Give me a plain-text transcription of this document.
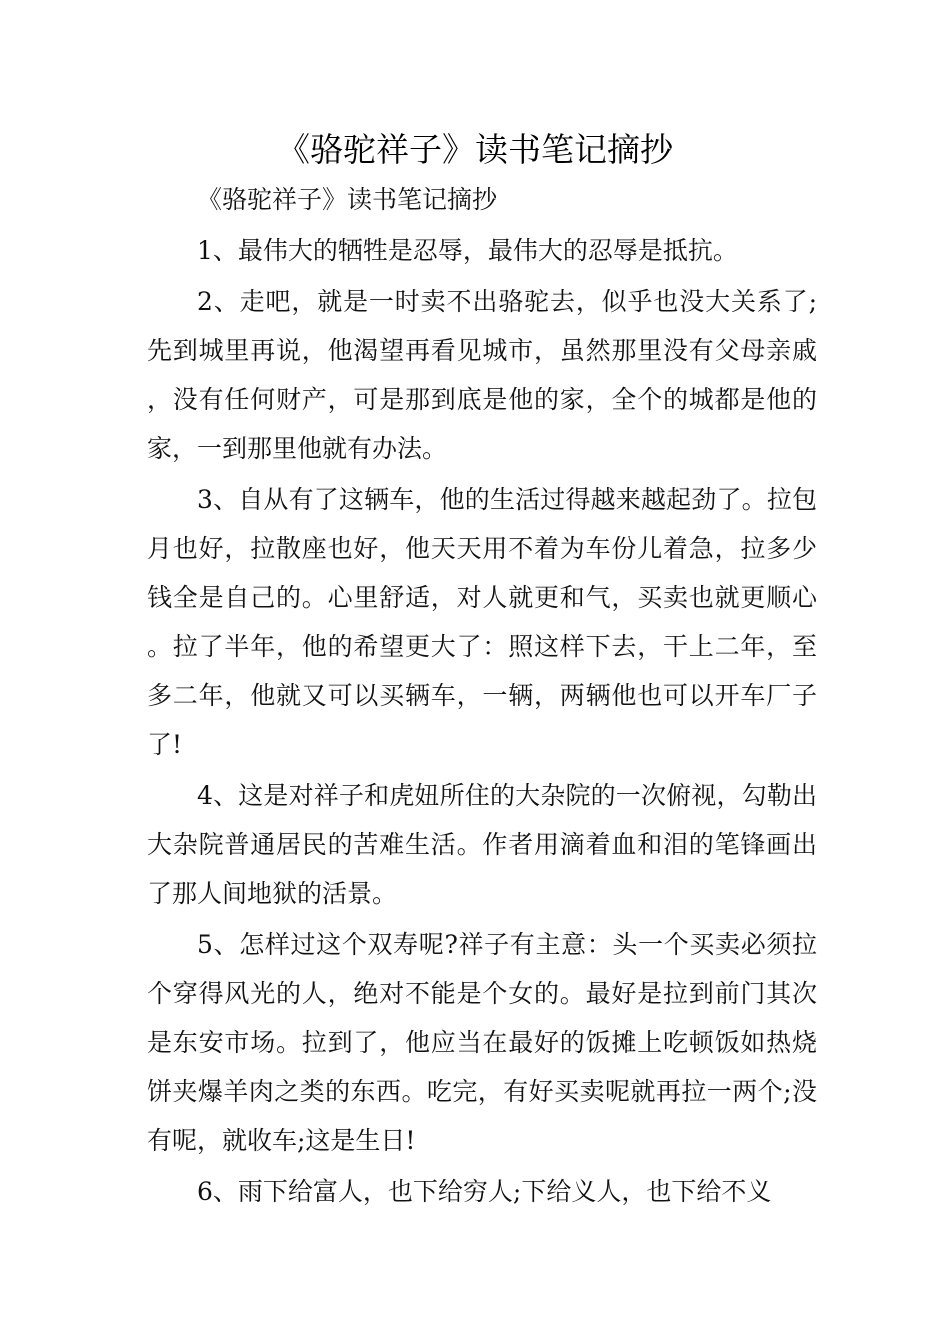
《骆驼祥子》读书笔记摘抄

《骆驼祥子》读书笔记摘抄

1、最伟大的牺牲是忍辱，最伟大的忍辱是抵抗。

2、走吧，就是一时卖不出骆驼去，似乎也没大关系了;先到城里再说，他渴望再看见城市，虽然那里没有父母亲戚，没有任何财产，可是那到底是他的家，全个的城都是他的家，一到那里他就有办法。

3、自从有了这辆车，他的生活过得越来越起劲了。拉包月也好，拉散座也好，他天天用不着为车份儿着急，拉多少钱全是自己的。心里舒适，对人就更和气，买卖也就更顺心。拉了半年，他的希望更大了：照这样下去，干上二年，至多二年，他就又可以买辆车，一辆，两辆他也可以开车厂子了!

4、这是对祥子和虎妞所住的大杂院的一次俯视，勾勒出大杂院普通居民的苦难生活。作者用滴着血和泪的笔锋画出了那人间地狱的活景。

5、怎样过这个双寿呢?祥子有主意：头一个买卖必须拉个穿得风光的人，绝对不能是个女的。最好是拉到前门其次是东安市场。拉到了，他应当在最好的饭摊上吃顿饭如热烧饼夹爆羊肉之类的东西。吃完，有好买卖呢就再拉一两个;没有呢，就收车;这是生日!

6、雨下给富人，也下给穷人;下给义人，也下给不义
